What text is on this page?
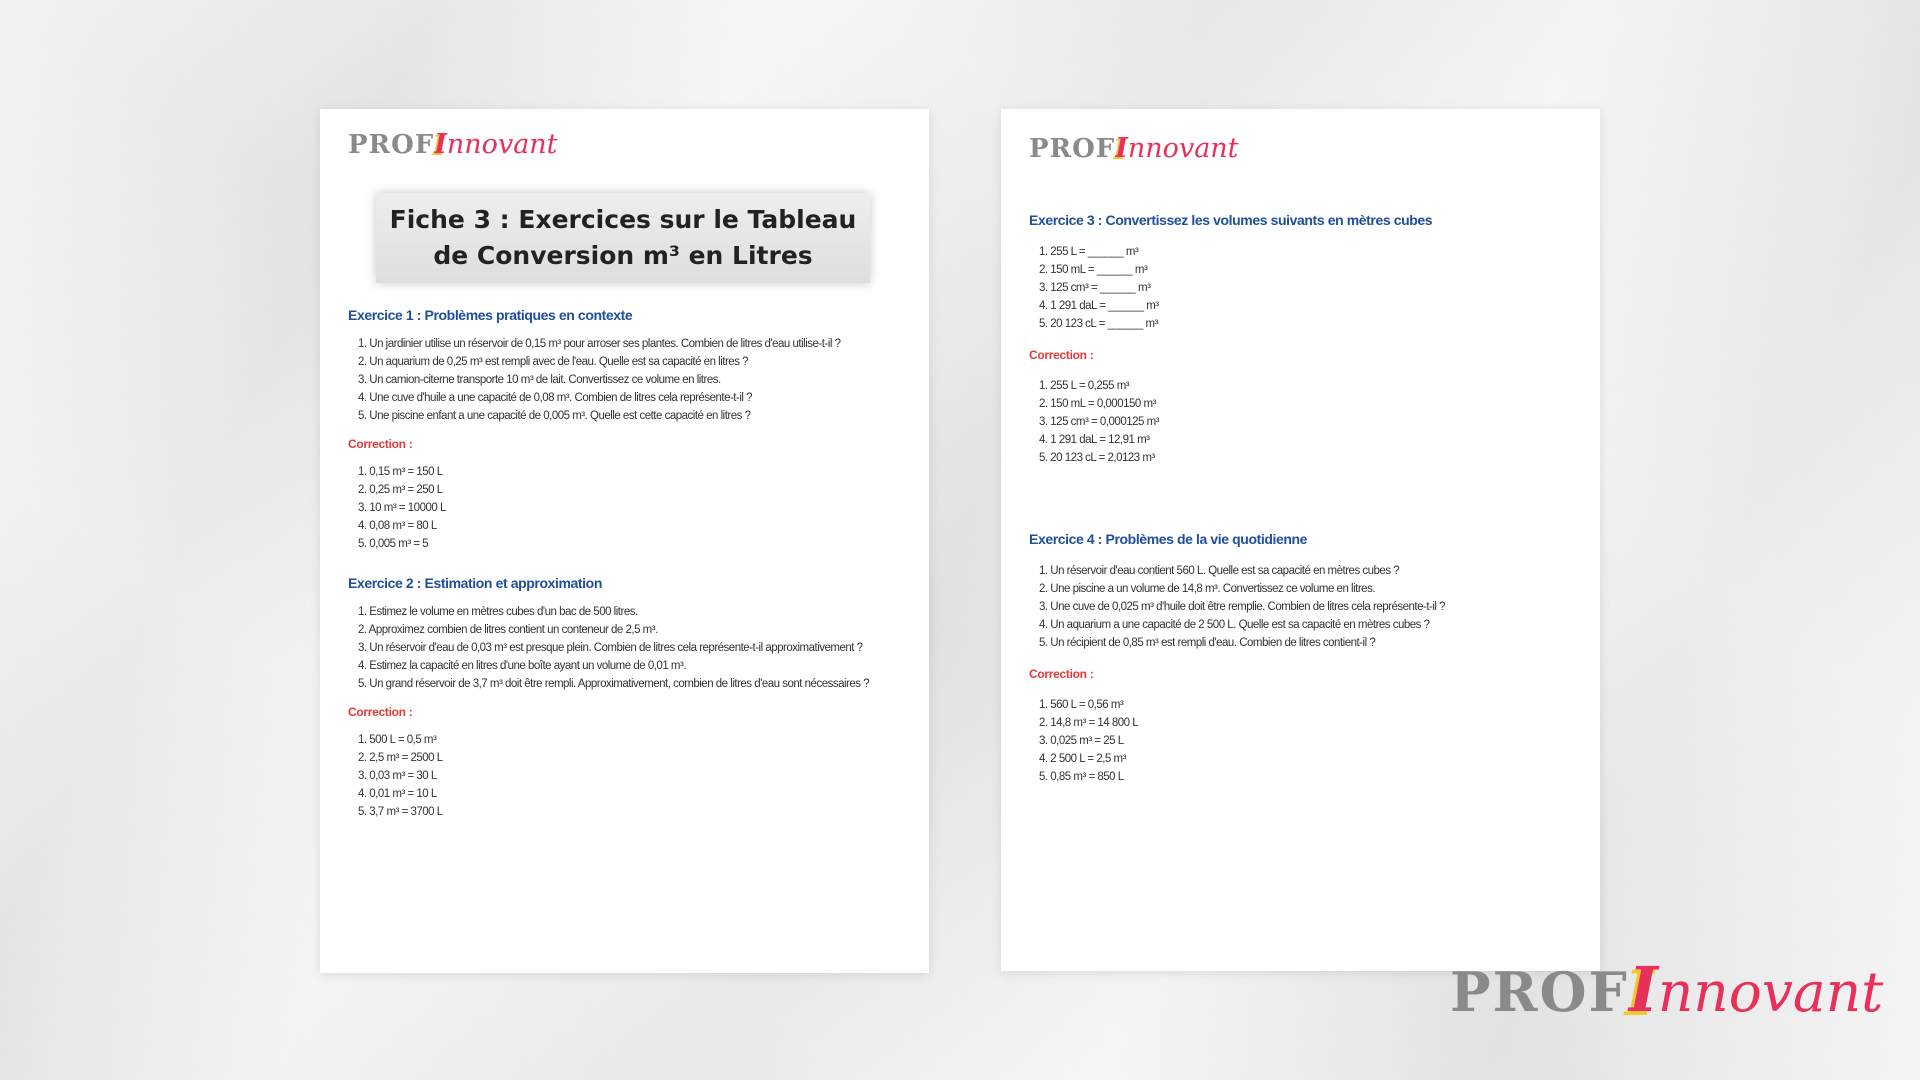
PROF I nnovant
Fiche 3 : Exercices sur le Tableau
de Conversion m³ en Litres
Exercice 1 : Problèmes pratiques en contexte
1. Un jardinier utilise un réservoir de 0,15 m³ pour arroser ses plantes. Combien de litres d'eau utilise-t-il ?
2. Un aquarium de 0,25 m³ est rempli avec de l'eau. Quelle est sa capacité en litres ?
3. Un camion-citerne transporte 10 m³ de lait. Convertissez ce volume en litres.
4. Une cuve d'huile a une capacité de 0,08 m³. Combien de litres cela représente-t-il ?
5. Une piscine enfant a une capacité de 0,005 m³. Quelle est cette capacité en litres ?
Correction :
1. 0,15 m³ = 150 L
2. 0,25 m³ = 250 L
3. 10 m³ = 10000 L
4. 0,08 m³ = 80 L
5. 0,005 m³ = 5
Exercice 2 : Estimation et approximation
1. Estimez le volume en mètres cubes d'un bac de 500 litres.
2. Approximez combien de litres contient un conteneur de 2,5 m³.
3. Un réservoir d'eau de 0,03 m³ est presque plein. Combien de litres cela représente-t-il approximativement ?
4. Estimez la capacité en litres d'une boîte ayant un volume de 0,01 m³.
5. Un grand réservoir de 3,7 m³ doit être rempli. Approximativement, combien de litres d'eau sont nécessaires ?
Correction :
1. 500 L = 0,5 m³
2. 2,5 m³ = 2500 L
3. 0,03 m³ = 30 L
4. 0,01 m³ = 10 L
5. 3,7 m³ = 3700 L
PROF I nnovant
Exercice 3 : Convertissez les volumes suivants en mètres cubes
1. 255 L = ______ m³
2. 150 mL = ______ m³
3. 125 cm³ = ______ m³
4. 1 291 daL = ______ m³
5. 20 123 cL = ______ m³
Correction :
1. 255 L = 0,255 m³
2. 150 mL = 0,000150 m³
3. 125 cm³ = 0,000125 m³
4. 1 291 daL = 12,91 m³
5. 20 123 cL = 2,0123 m³
Exercice 4 : Problèmes de la vie quotidienne
1. Un réservoir d'eau contient 560 L. Quelle est sa capacité en mètres cubes ?
2. Une piscine a un volume de 14,8 m³. Convertissez ce volume en litres.
3. Une cuve de 0,025 m³ d'huile doit être remplie. Combien de litres cela représente-t-il ?
4. Un aquarium a une capacité de 2 500 L. Quelle est sa capacité en mètres cubes ?
5. Un récipient de 0,85 m³ est rempli d'eau. Combien de litres contient-il ?
Correction :
1. 560 L = 0,56 m³
2. 14,8 m³ = 14 800 L
3. 0,025 m³ = 25 L
4. 2 500 L = 2,5 m³
5. 0,85 m³ = 850 L
PROF I nnovant
